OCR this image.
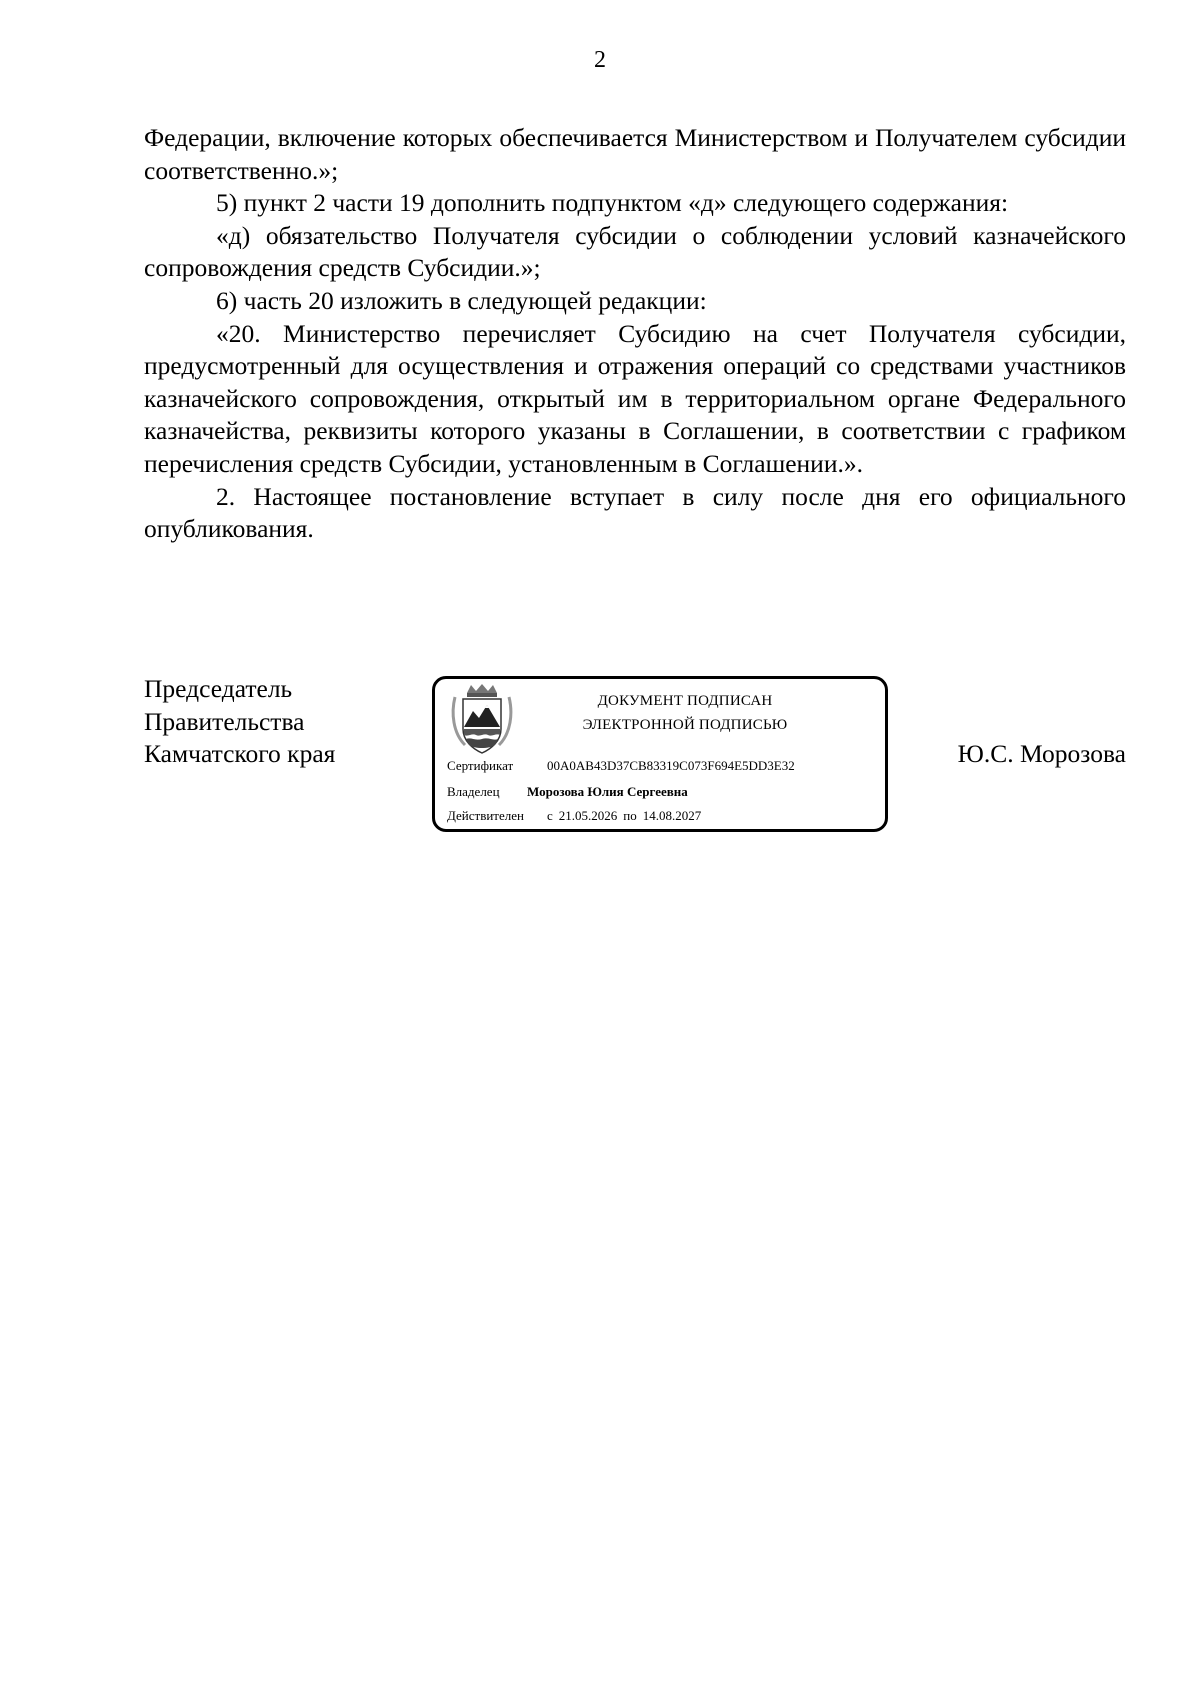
2

Федерации, включение которых обеспечивается Министерством и Получателем субсидии соответственно.»;

5) пункт 2 части 19 дополнить подпунктом «д» следующего содержания:

«д) обязательство Получателя субсидии о соблюдении условий казначейского сопровождения средств Субсидии.»;

6) часть 20 изложить в следующей редакции:

«20. Министерство перечисляет Субсидию на счет Получателя субсидии, предусмотренный для осуществления и отражения операций со средствами участников казначейского сопровождения, открытый им в территориальном органе Федерального казначейства, реквизиты которого указаны в Соглашении, в соответствии с графиком перечисления средств Субсидии, установленным в Соглашении.».

2. Настоящее постановление вступает в силу после дня его официального опубликования.

Председатель
Правительства
Камчатского края
ДОКУМЕНТ ПОДПИСАН
ЭЛЕКТРОННОЙ ПОДПИСЬЮ
Сертификат	00A0AB43D37CB83319C073F694E5DD3E32
Владелец Морозова Юлия Сергеевна
Действителен с 21.05.2026 по 14.08.2027
Ю.С. Морозова
